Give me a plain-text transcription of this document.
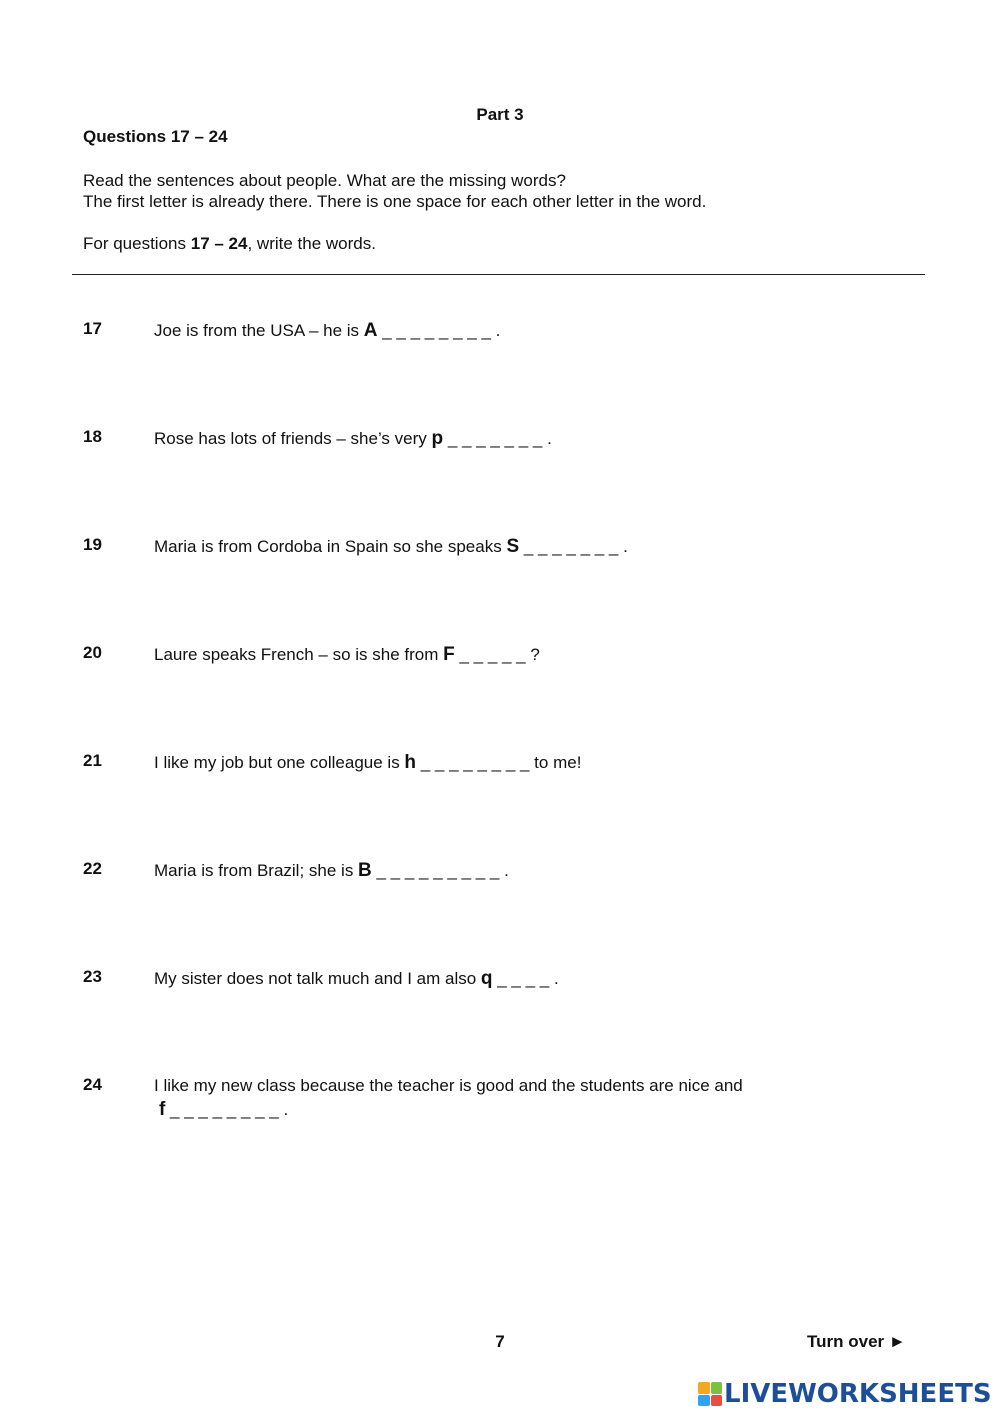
Part 3
Questions 17 – 24
Read the sentences about people. What are the missing words?
The first letter is already there. There is one space for each other letter in the word.
For questions 17 – 24, write the words.
17	Joe is from the USA – he is A _ _ _ _ _ _ _ _ .
18	Rose has lots of friends – she’s very p _ _ _ _ _ _ _ .
19	Maria is from Cordoba in Spain so she speaks S _ _ _ _ _ _ _ .
20	Laure speaks French – so is she from F _ _ _ _ _ ?
21	I like my job but one colleague is h _ _ _ _ _ _ _ _ to me!
22	Maria is from Brazil; she is B _ _ _ _ _ _ _ _ _ .
23	My sister does not talk much and I am also q _ _ _ _ .
24	I like my new class because the teacher is good and the students are nice and
f _ _ _ _ _ _ _ _ .
7	Turn over ►
LIVEWORKSHEETS
